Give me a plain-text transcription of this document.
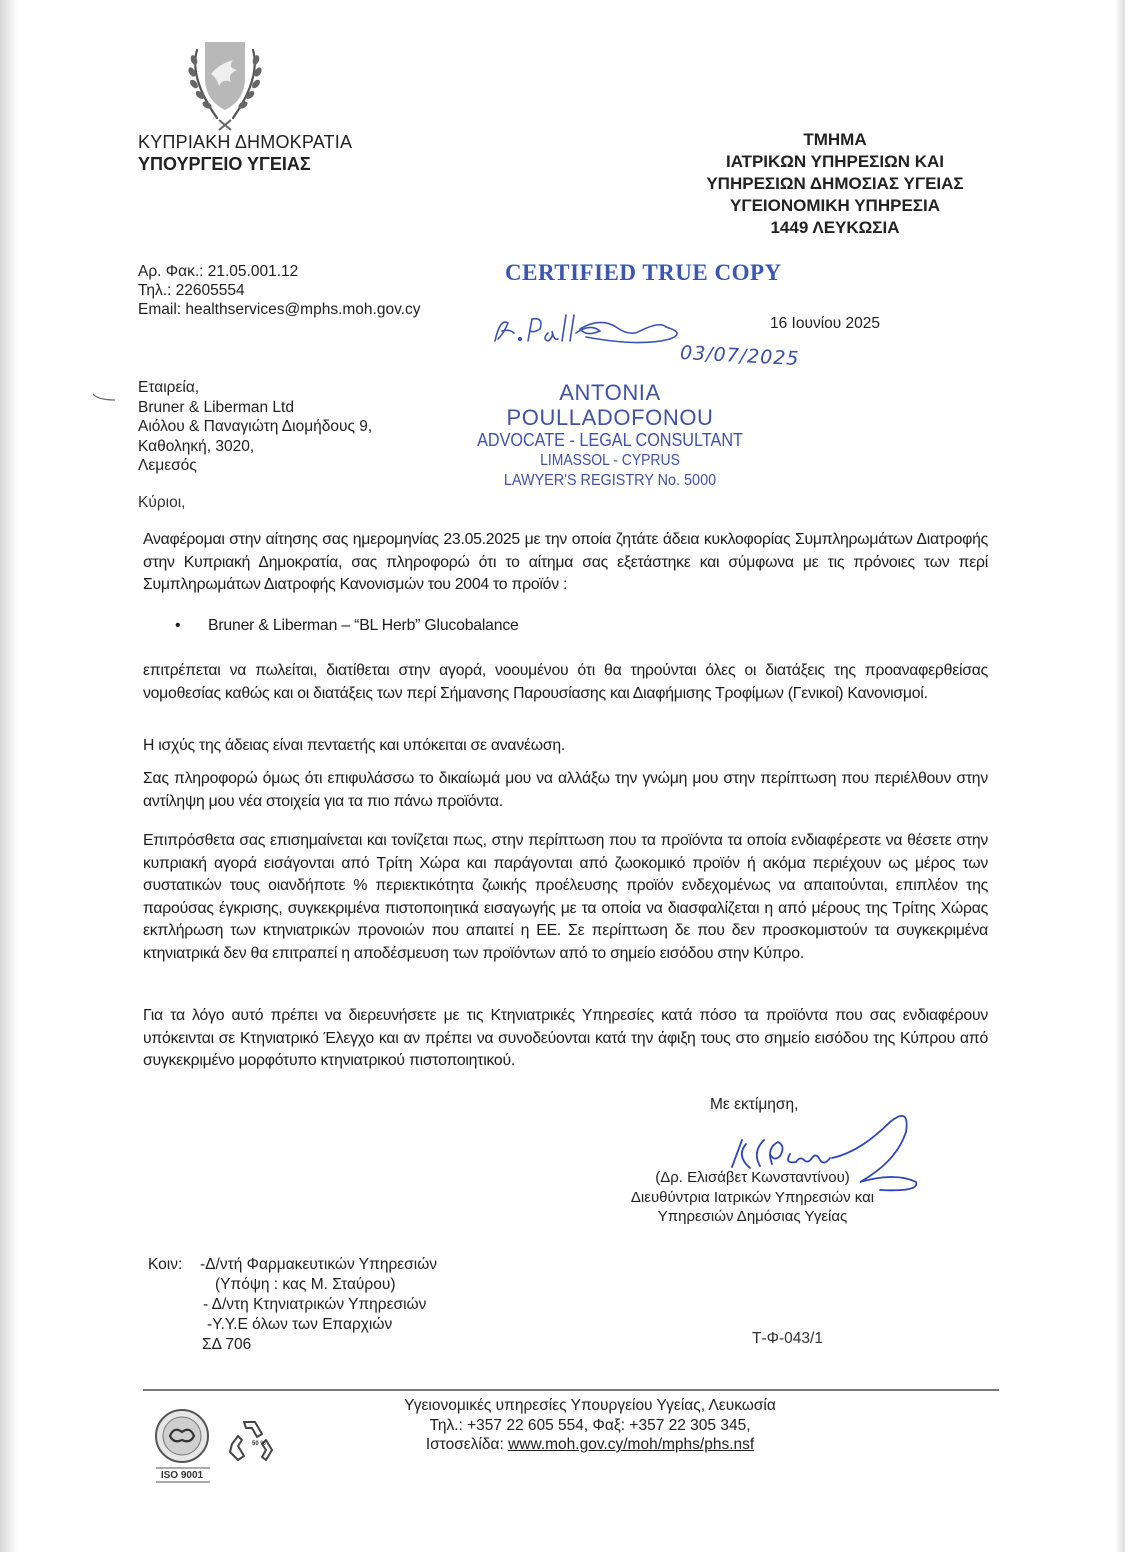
ΚΥΠΡΙΑΚΗ ΔΗΜΟΚΡΑΤΙΑ
ΥΠΟΥΡΓΕΙΟ ΥΓΕΙΑΣ
ΤΜΗΜΑ
ΙΑΤΡΙΚΩΝ ΥΠΗΡΕΣΙΩΝ ΚΑΙ
ΥΠΗΡΕΣΙΩΝ ΔΗΜΟΣΙΑΣ ΥΓΕΙΑΣ
ΥΓΕΙΟΝΟΜΙΚΗ ΥΠΗΡΕΣΙΑ
1449 ΛΕΥΚΩΣΙΑ
Αρ. Φακ.: 21.05.001.12
Τηλ.: 22605554
Email: healthservices@mphs.moh.gov.cy
CERTIFIED TRUE COPY
16 Ιουνίου 2025
03/07/2025
ANTONIA POULLADOFONOU
ADVOCATE - LEGAL CONSULTANT
LIMASSOL - CYPRUS
LAWYER'S REGISTRY No. 5000
Εταιρεία,
Bruner & Liberman Ltd
Αιόλου & Παναγιώτη Διομήδους 9,
Καθοληκή, 3020,
Λεμεσός
Κύριοι,
Αναφέρομαι στην αίτησης σας ημερομηνίας 23.05.2025 με την οποία ζητάτε άδεια κυκλοφορίας Συμπληρωμάτων Διατροφής στην Κυπριακή Δημοκρατία, σας πληροφορώ ότι το αίτημα σας εξετάστηκε και σύμφωνα με τις πρόνοιες των περί Συμπληρωμάτων Διατροφής Κανονισμών του 2004 το προϊόν :
• Bruner & Liberman – “BL Herb” Glucobalance
επιτρέπεται να πωλείται, διατίθεται στην αγορά, νοουμένου ότι θα τηρούνται όλες οι διατάξεις της προαναφερθείσας νομοθεσίας καθώς και οι διατάξεις των περί Σήμανσης Παρουσίασης και Διαφήμισης Τροφίμων (Γενικοί) Κανονισμοί.
Η ισχύς της άδειας είναι πενταετής και υπόκειται σε ανανέωση.
Σας πληροφορώ όμως ότι επιφυλάσσω το δικαίωμά μου να αλλάξω την γνώμη μου στην περίπτωση που περιέλθουν στην αντίληψη μου νέα στοιχεία για τα πιο πάνω προϊόντα.
Επιπρόσθετα σας επισημαίνεται και τονίζεται πως, στην περίπτωση που τα προϊόντα τα οποία ενδιαφέρεστε να θέσετε στην κυπριακή αγορά εισάγονται από Τρίτη Χώρα και παράγονται από ζωοκομικό προϊόν ή ακόμα περιέχουν ως μέρος των συστατικών τους οιανδήποτε % περιεκτικότητα ζωικής προέλευσης προϊόν ενδεχομένως να απαιτούνται, επιπλέον της παρούσας έγκρισης, συγκεκριμένα πιστοποιητικά εισαγωγής με τα οποία να διασφαλίζεται η από μέρους της Τρίτης Χώρας εκπλήρωση των κτηνιατρικών προνοιών που απαιτεί η ΕΕ. Σε περίπτωση δε που δεν προσκομιστούν τα συγκεκριμένα κτηνιατρικά δεν θα επιτραπεί η αποδέσμευση των προϊόντων από το σημείο εισόδου στην Κύπρο.
Για τα λόγο αυτό πρέπει να διερευνήσετε με τις Κτηνιατρικές Υπηρεσίες κατά πόσο τα προϊόντα που σας ενδιαφέρουν υπόκεινται σε Κτηνιατρικό Έλεγχο και αν πρέπει να συνοδεύονται κατά την άφιξη τους στο σημείο εισόδου της Κύπρου από συγκεκριμένο μορφότυπο κτηνιατρικού πιστοποιητικού.
Με εκτίμηση,
(Δρ. Ελισάβετ Κωνσταντίνου)
Διευθύντρια Ιατρικών Υπηρεσιών και
Υπηρεσιών Δημόσιας Υγείας
Κοιν: -Δ/ντή Φαρμακευτικών Υπηρεσιών
(Υπόψη : κας Μ. Σταύρου)
- Δ/ντη Κτηνιατρικών Υπηρεσιών
-Υ.Υ.Ε όλων των Επαρχιών
ΣΔ 706	Τ-Φ-043/1
ISO 9001
50 %
Υγειονομικές υπηρεσίες Υπουργείου Υγείας, Λευκωσία
Τηλ.: +357 22 605 554, Φαξ: +357 22 305 345,
Ιστοσελίδα: www.moh.gov.cy/moh/mphs/phs.nsf
